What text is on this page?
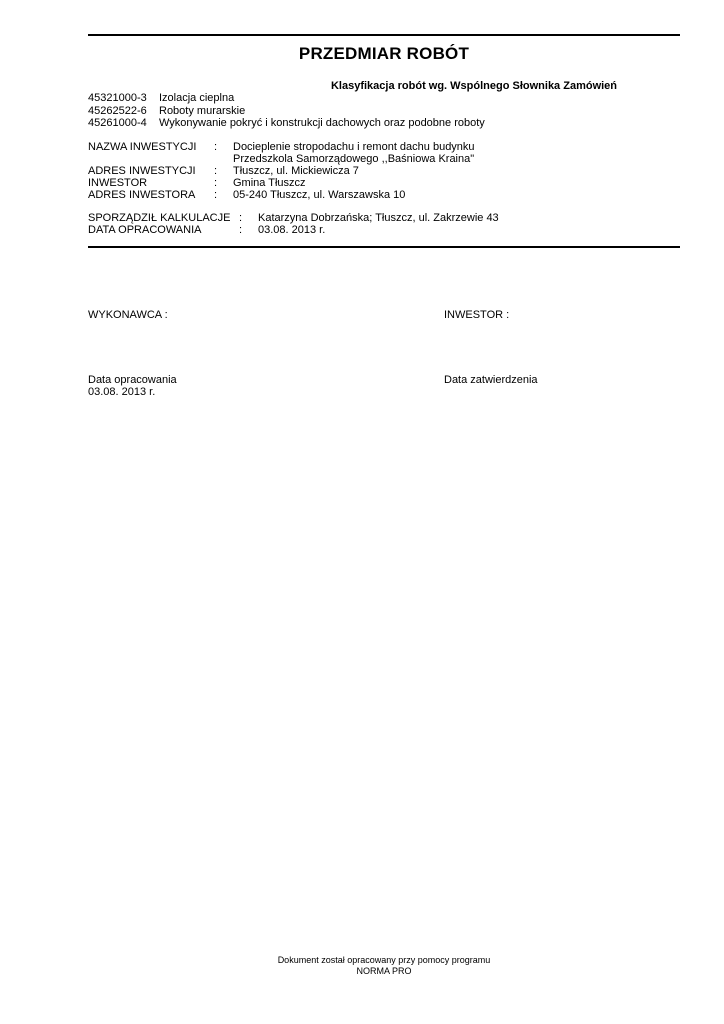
PRZEDMIAR ROBÓT
Klasyfikacja robót wg. Wspólnego Słownika Zamówień
45321000-3	Izolacja cieplna
45262522-6	Roboty murarskie
45261000-4	Wykonywanie pokryć i konstrukcji dachowych oraz podobne roboty
NAZWA INWESTYCJI	:	Docieplenie stropodachu i remont dachu budynku
Przedszkola Samorządowego ,,Baśniowa Kraina"
ADRES INWESTYCJI	:	Tłuszcz, ul. Mickiewicza 7
INWESTOR	:	Gmina Tłuszcz
ADRES INWESTORA	:	05-240 Tłuszcz, ul. Warszawska 10
SPORZĄDZIŁ KALKULACJE :	Katarzyna Dobrzańska; Tłuszcz, ul. Zakrzewie 43
DATA OPRACOWANIA	:	03.08. 2013 r.
WYKONAWCA :	INWESTOR :
Data opracowania
03.08. 2013 r.
Data zatwierdzenia
Dokument został opracowany przy pomocy programu
NORMA PRO
